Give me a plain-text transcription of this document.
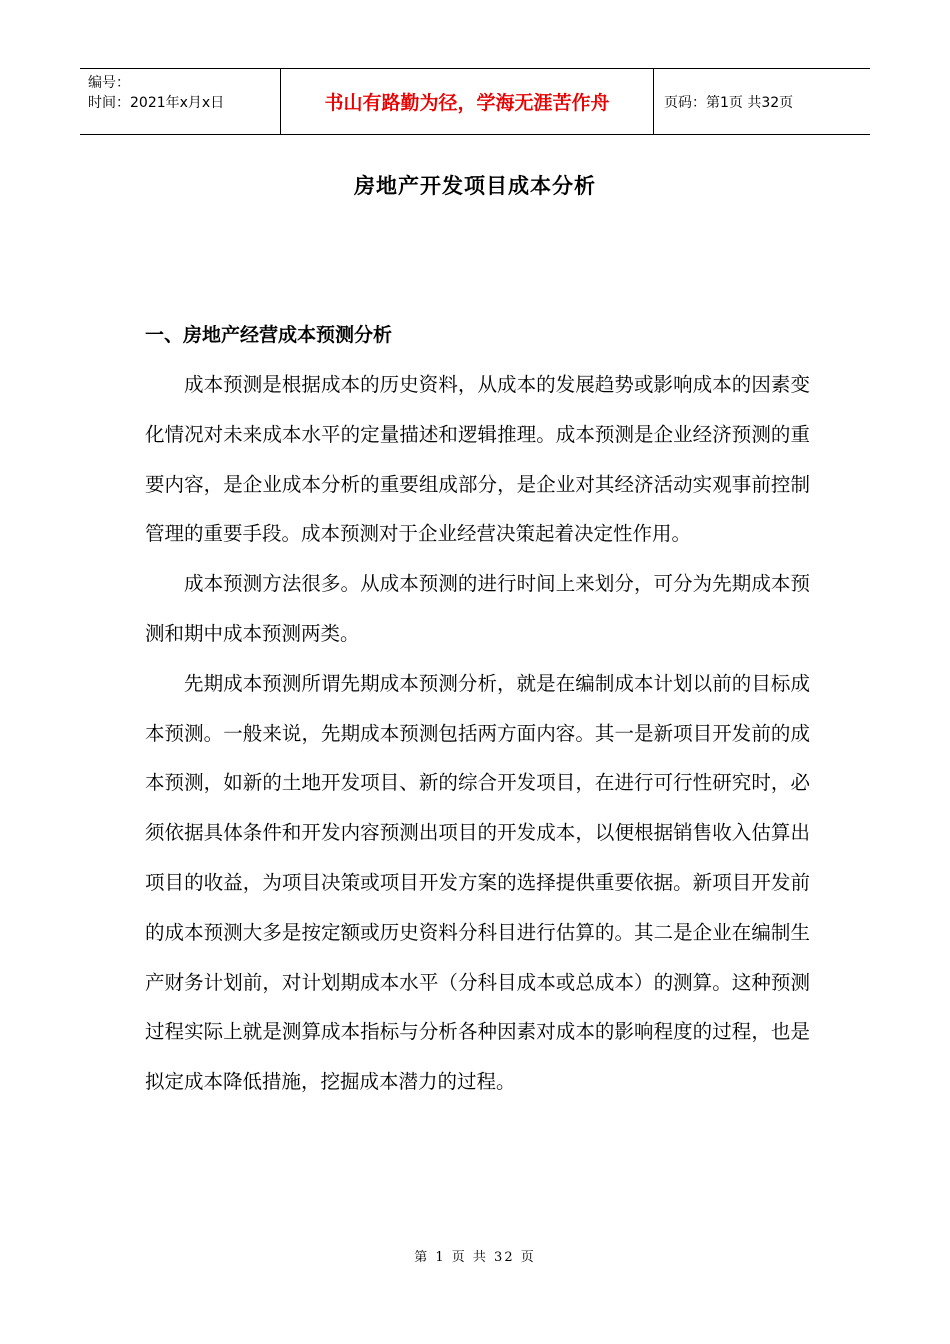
编号：
时间：2021年x月x日	书山有路勤为径，学海无涯苦作舟	页码：第1页 共32页
房地产开发项目成本分析
一、房地产经营成本预测分析

成本预测是根据成本的历史资料，从成本的发展趋势或影响成本的因素变化情况对未来成本水平的定量描述和逻辑推理。成本预测是企业经济预测的重要内容，是企业成本分析的重要组成部分，是企业对其经济活动实观事前控制管理的重要手段。成本预测对于企业经营决策起着决定性作用。

成本预测方法很多。从成本预测的进行时间上来划分，可分为先期成本预测和期中成本预测两类。

先期成本预测所谓先期成本预测分析，就是在编制成本计划以前的目标成本预测。一般来说，先期成本预测包括两方面内容。其一是新项目开发前的成本预测，如新的土地开发项目、新的综合开发项目，在进行可行性研究时，必须依据具体条件和开发内容预测出项目的开发成本，以便根据销售收入估算出项目的收益，为项目决策或项目开发方案的选择提供重要依据。新项目开发前的成本预测大多是按定额或历史资料分科目进行估算的。其二是企业在编制生产财务计划前，对计划期成本水平（分科目成本或总成本）的测算。这种预测过程实际上就是测算成本指标与分析各种因素对成本的影响程度的过程，也是拟定成本降低措施，挖掘成本潜力的过程。

第 1 页 共 32 页
